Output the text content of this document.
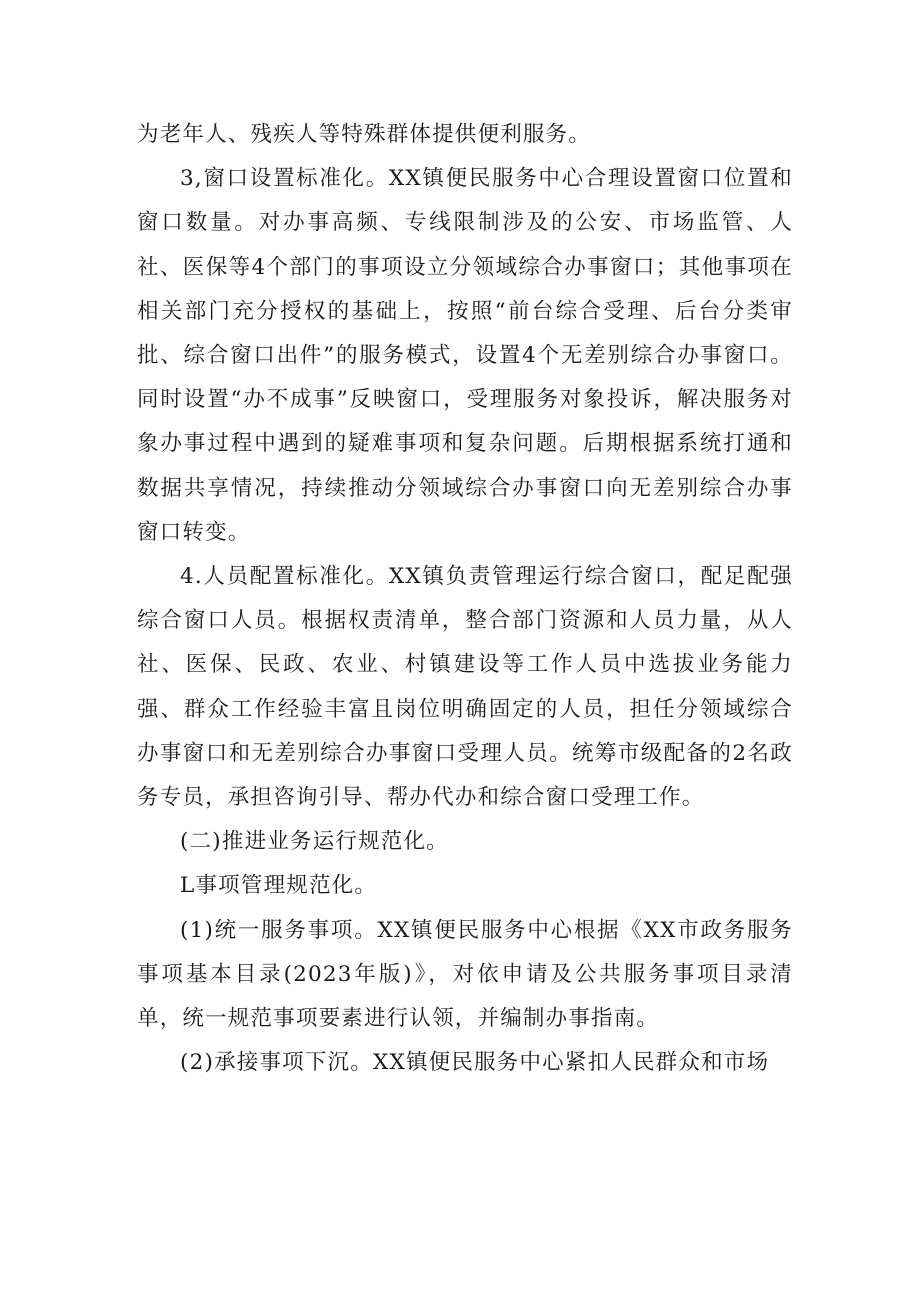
为老年人、残疾人等特殊群体提供便利服务。

3,窗口设置标准化。XX镇便民服务中心合理设置窗口位置和窗口数量。对办事高频、专线限制涉及的公安、市场监管、人社、医保等4个部门的事项设立分领域综合办事窗口；其他事项在相关部门充分授权的基础上，按照“前台综合受理、后台分类审批、综合窗口出件”的服务模式，设置4个无差别综合办事窗口。同时设置“办不成事”反映窗口，受理服务对象投诉，解决服务对象办事过程中遇到的疑难事项和复杂问题。后期根据系统打通和数据共享情况，持续推动分领域综合办事窗口向无差别综合办事窗口转变。

4.人员配置标准化。XX镇负责管理运行综合窗口，配足配强综合窗口人员。根据权责清单，整合部门资源和人员力量，从人社、医保、民政、农业、村镇建设等工作人员中选拔业务能力强、群众工作经验丰富且岗位明确固定的人员，担任分领域综合办事窗口和无差别综合办事窗口受理人员。统筹市级配备的2名政务专员，承担咨询引导、帮办代办和综合窗口受理工作。

(二)推进业务运行规范化。

L事项管理规范化。

(1)统一服务事项。XX镇便民服务中心根据《XX市政务服务事项基本目录(2023年版)》，对依申请及公共服务事项目录清单，统一规范事项要素进行认领，并编制办事指南。

(2)承接事项下沉。XX镇便民服务中心紧扣人民群众和市场
